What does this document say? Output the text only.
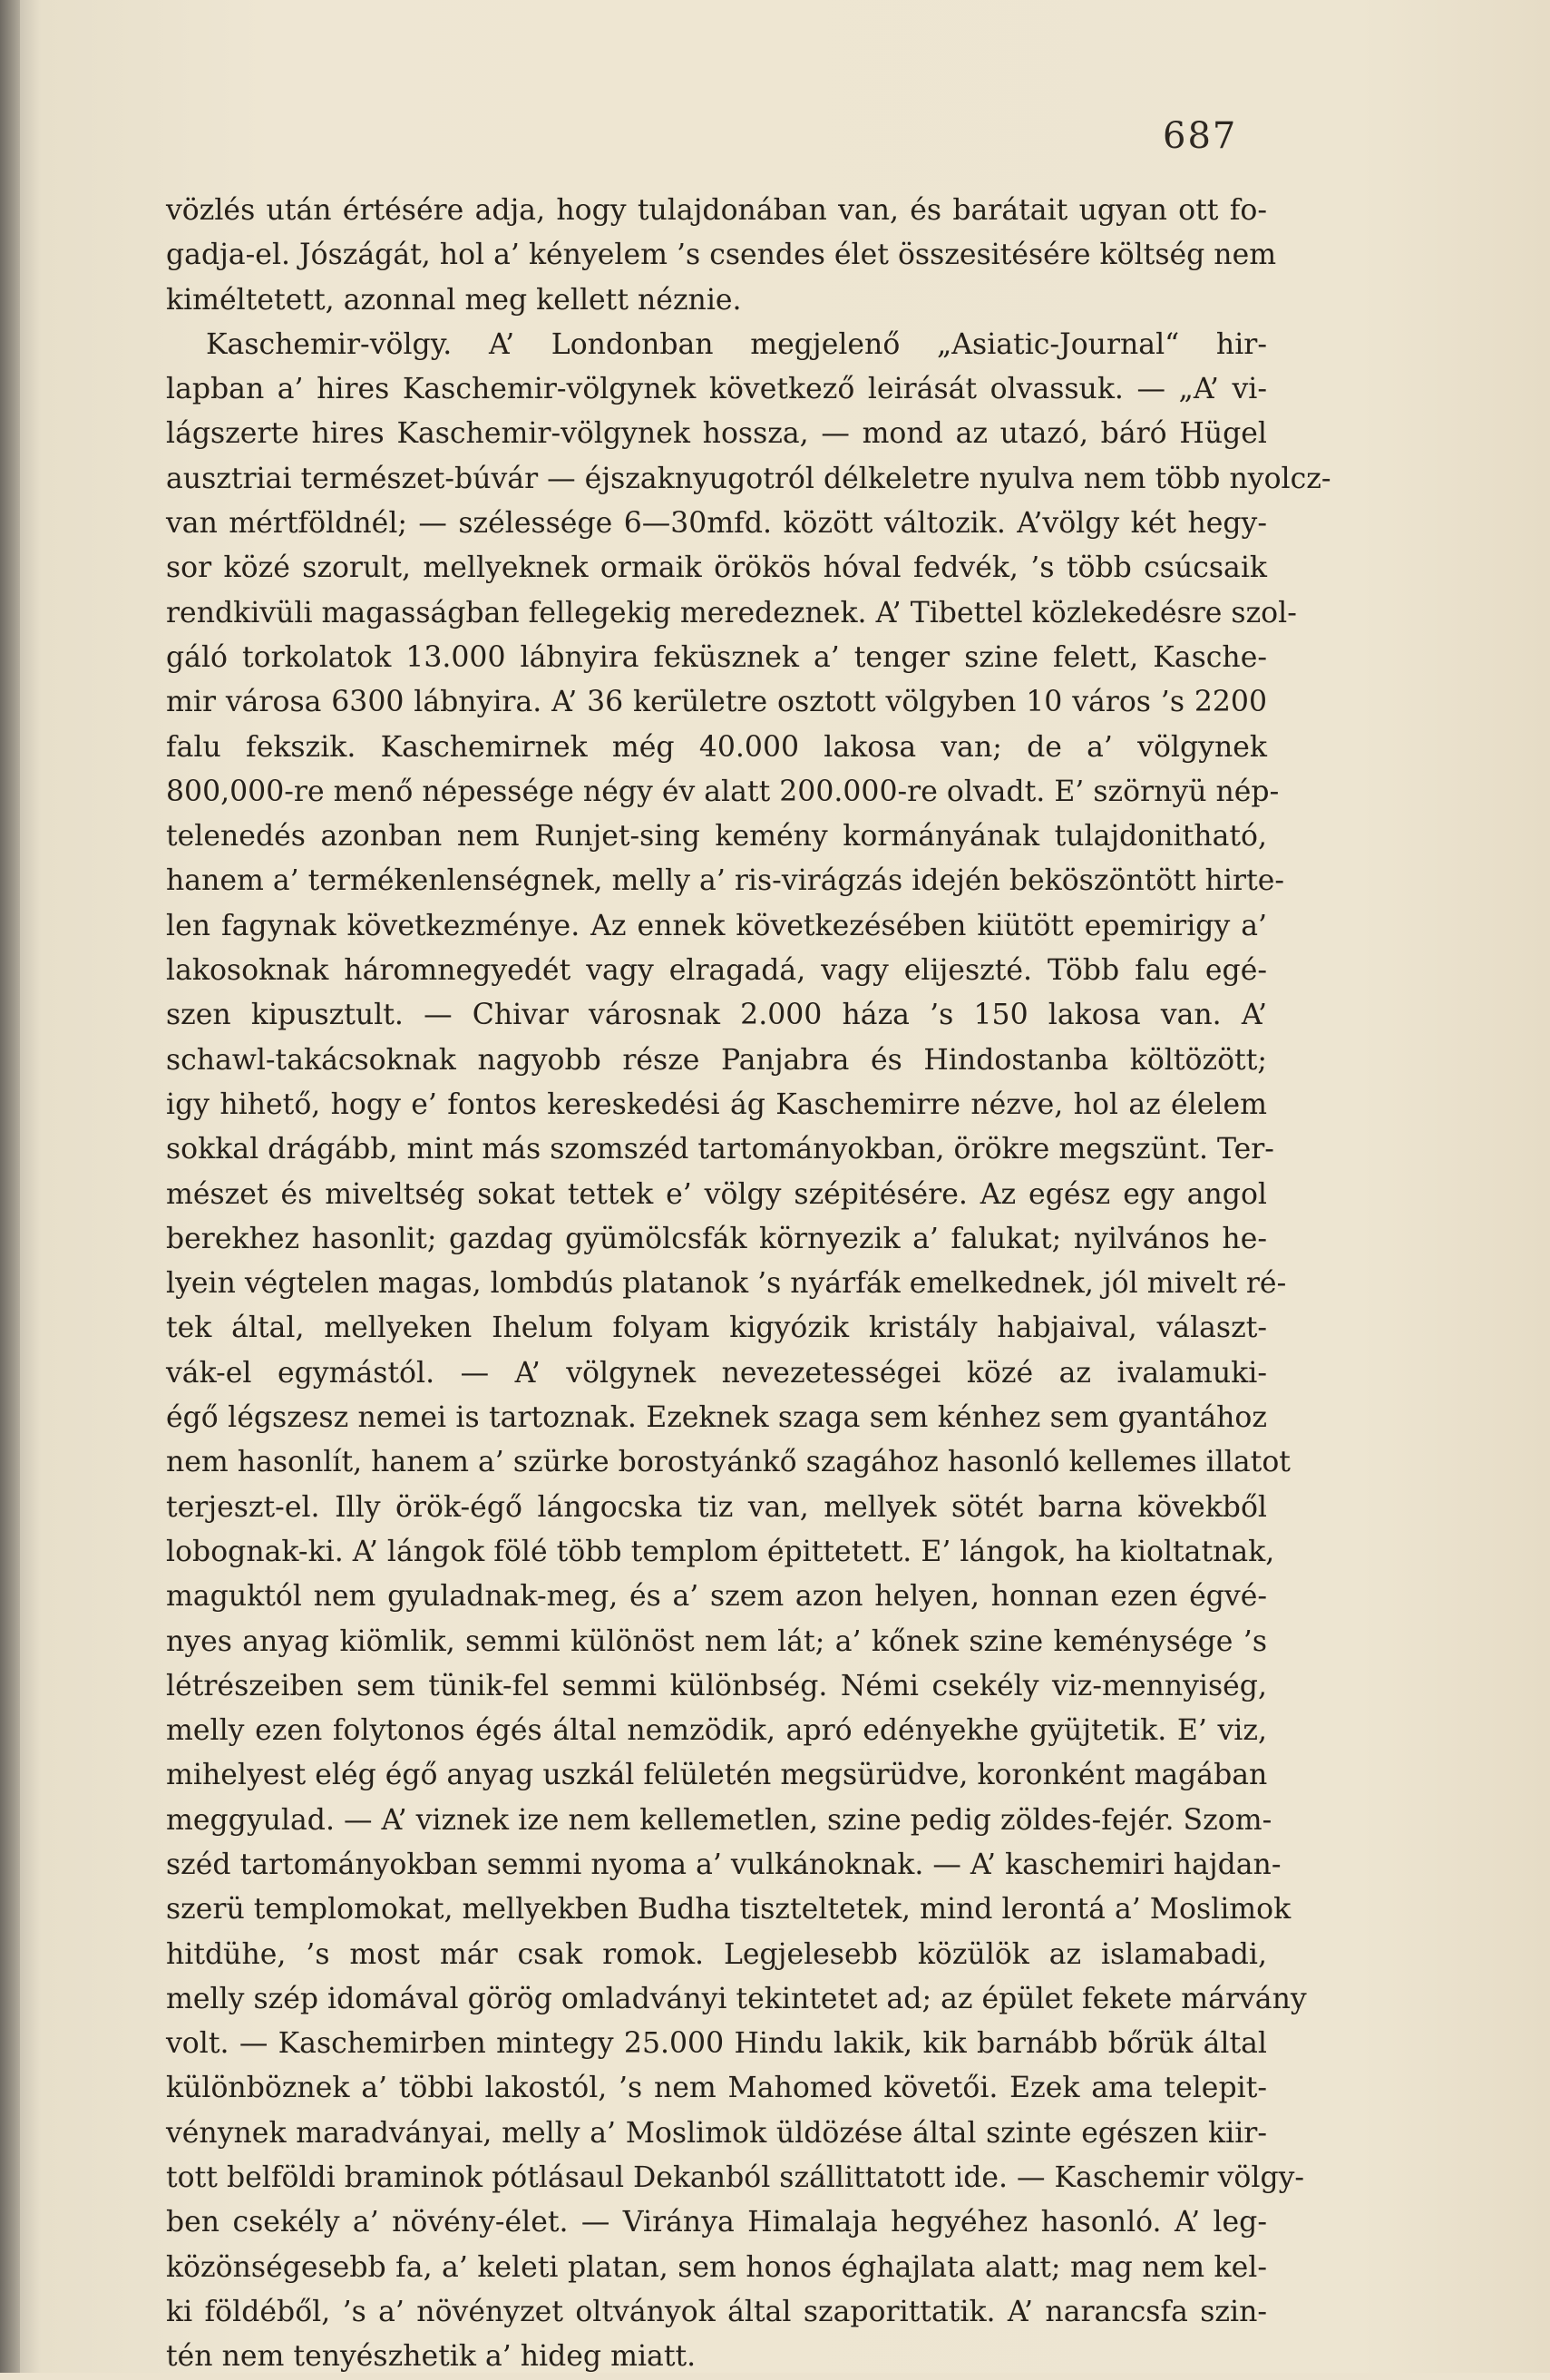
687
vözlés után értésére adja, hogy tulajdonában van, és barátait ugyan ott fo-
gadja-el. Jószágát, hol a’ kényelem ’s csendes élet összesitésére költség nem
kiméltetett, azonnal meg kellett néznie.
Kaschemir-völgy. A’ Londonban megjelenő „Asiatic-Journal“ hir-
lapban a’ hires Kaschemir-völgynek következő leirását olvassuk. — „A’ vi-
lágszerte hires Kaschemir-völgynek hossza, — mond az utazó, báró Hügel
ausztriai természet-búvár — éjszaknyugotról délkeletre nyulva nem több nyolcz-
van mértföldnél; — szélessége 6—30mfd. között változik. A’völgy két hegy-
sor közé szorult, mellyeknek ormaik örökös hóval fedvék, ’s több csúcsaik
rendkivüli magasságban fellegekig meredeznek. A’ Tibettel közlekedésre szol-
gáló torkolatok 13.000 lábnyira feküsznek a’ tenger szine felett, Kasche-
mir városa 6300 lábnyira. A’ 36 kerületre osztott völgyben 10 város ’s 2200
falu fekszik. Kaschemirnek még 40.000 lakosa van; de a’ völgynek
800,000-re menő népessége négy év alatt 200.000-re olvadt. E’ szörnyü nép-
telenedés azonban nem Runjet-sing kemény kormányának tulajdonitható,
hanem a’ termékenlenségnek, melly a’ ris-virágzás idején beköszöntött hirte-
len fagynak következménye. Az ennek következésében kiütött epemirigy a’
lakosoknak háromnegyedét vagy elragadá, vagy elijeszté. Több falu egé-
szen kipusztult. — Chivar városnak 2.000 háza ’s 150 lakosa van. A’
schawl-takácsoknak nagyobb része Panjabra és Hindostanba költözött;
igy hihető, hogy e’ fontos kereskedési ág Kaschemirre nézve, hol az élelem
sokkal drágább, mint más szomszéd tartományokban, örökre megszünt. Ter-
mészet és miveltség sokat tettek e’ völgy szépitésére. Az egész egy angol
berekhez hasonlit; gazdag gyümölcsfák környezik a’ falukat; nyilvános he-
lyein végtelen magas, lombdús platanok ’s nyárfák emelkednek, jól mivelt ré-
tek által, mellyeken Ihelum folyam kigyózik kristály habjaival, választ-
vák-el egymástól. — A’ völgynek nevezetességei közé az ivalamuki-
égő légszesz nemei is tartoznak. Ezeknek szaga sem kénhez sem gyantához
nem hasonlít, hanem a’ szürke borostyánkő szagához hasonló kellemes illatot
terjeszt-el. Illy örök-égő lángocska tiz van, mellyek sötét barna kövekből
lobognak-ki. A’ lángok fölé több templom épittetett. E’ lángok, ha kioltatnak,
maguktól nem gyuladnak-meg, és a’ szem azon helyen, honnan ezen égvé-
nyes anyag kiömlik, semmi különöst nem lát; a’ kőnek szine keménysége ’s
létrészeiben sem tünik-fel semmi különbség. Némi csekély viz-mennyiség,
melly ezen folytonos égés által nemzödik, apró edényekhe gyüjtetik. E’ viz,
mihelyest elég égő anyag uszkál felületén megsürüdve, koronként magában
meggyulad. — A’ viznek ize nem kellemetlen, szine pedig zöldes-fejér. Szom-
széd tartományokban semmi nyoma a’ vulkánoknak. — A’ kaschemiri hajdan-
szerü templomokat, mellyekben Budha tiszteltetek, mind lerontá a’ Moslimok
hitdühe, ’s most már csak romok. Legjelesebb közülök az islamabadi,
melly szép idomával görög omladványi tekintetet ad; az épület fekete márvány
volt. — Kaschemirben mintegy 25.000 Hindu lakik, kik barnább bőrük által
különböznek a’ többi lakostól, ’s nem Mahomed követői. Ezek ama telepit-
vénynek maradványai, melly a’ Moslimok üldözése által szinte egészen kiir-
tott belföldi braminok pótlásaul Dekanból szállittatott ide. — Kaschemir völgy-
ben csekély a’ növény-élet. — Viránya Himalaja hegyéhez hasonló. A’ leg-
közönségesebb fa, a’ keleti platan, sem honos éghajlata alatt; mag nem kel-
ki földéből, ’s a’ növényzet oltványok által szaporittatik. A’ narancsfa szin-
tén nem tenyészhetik a’ hideg miatt.
